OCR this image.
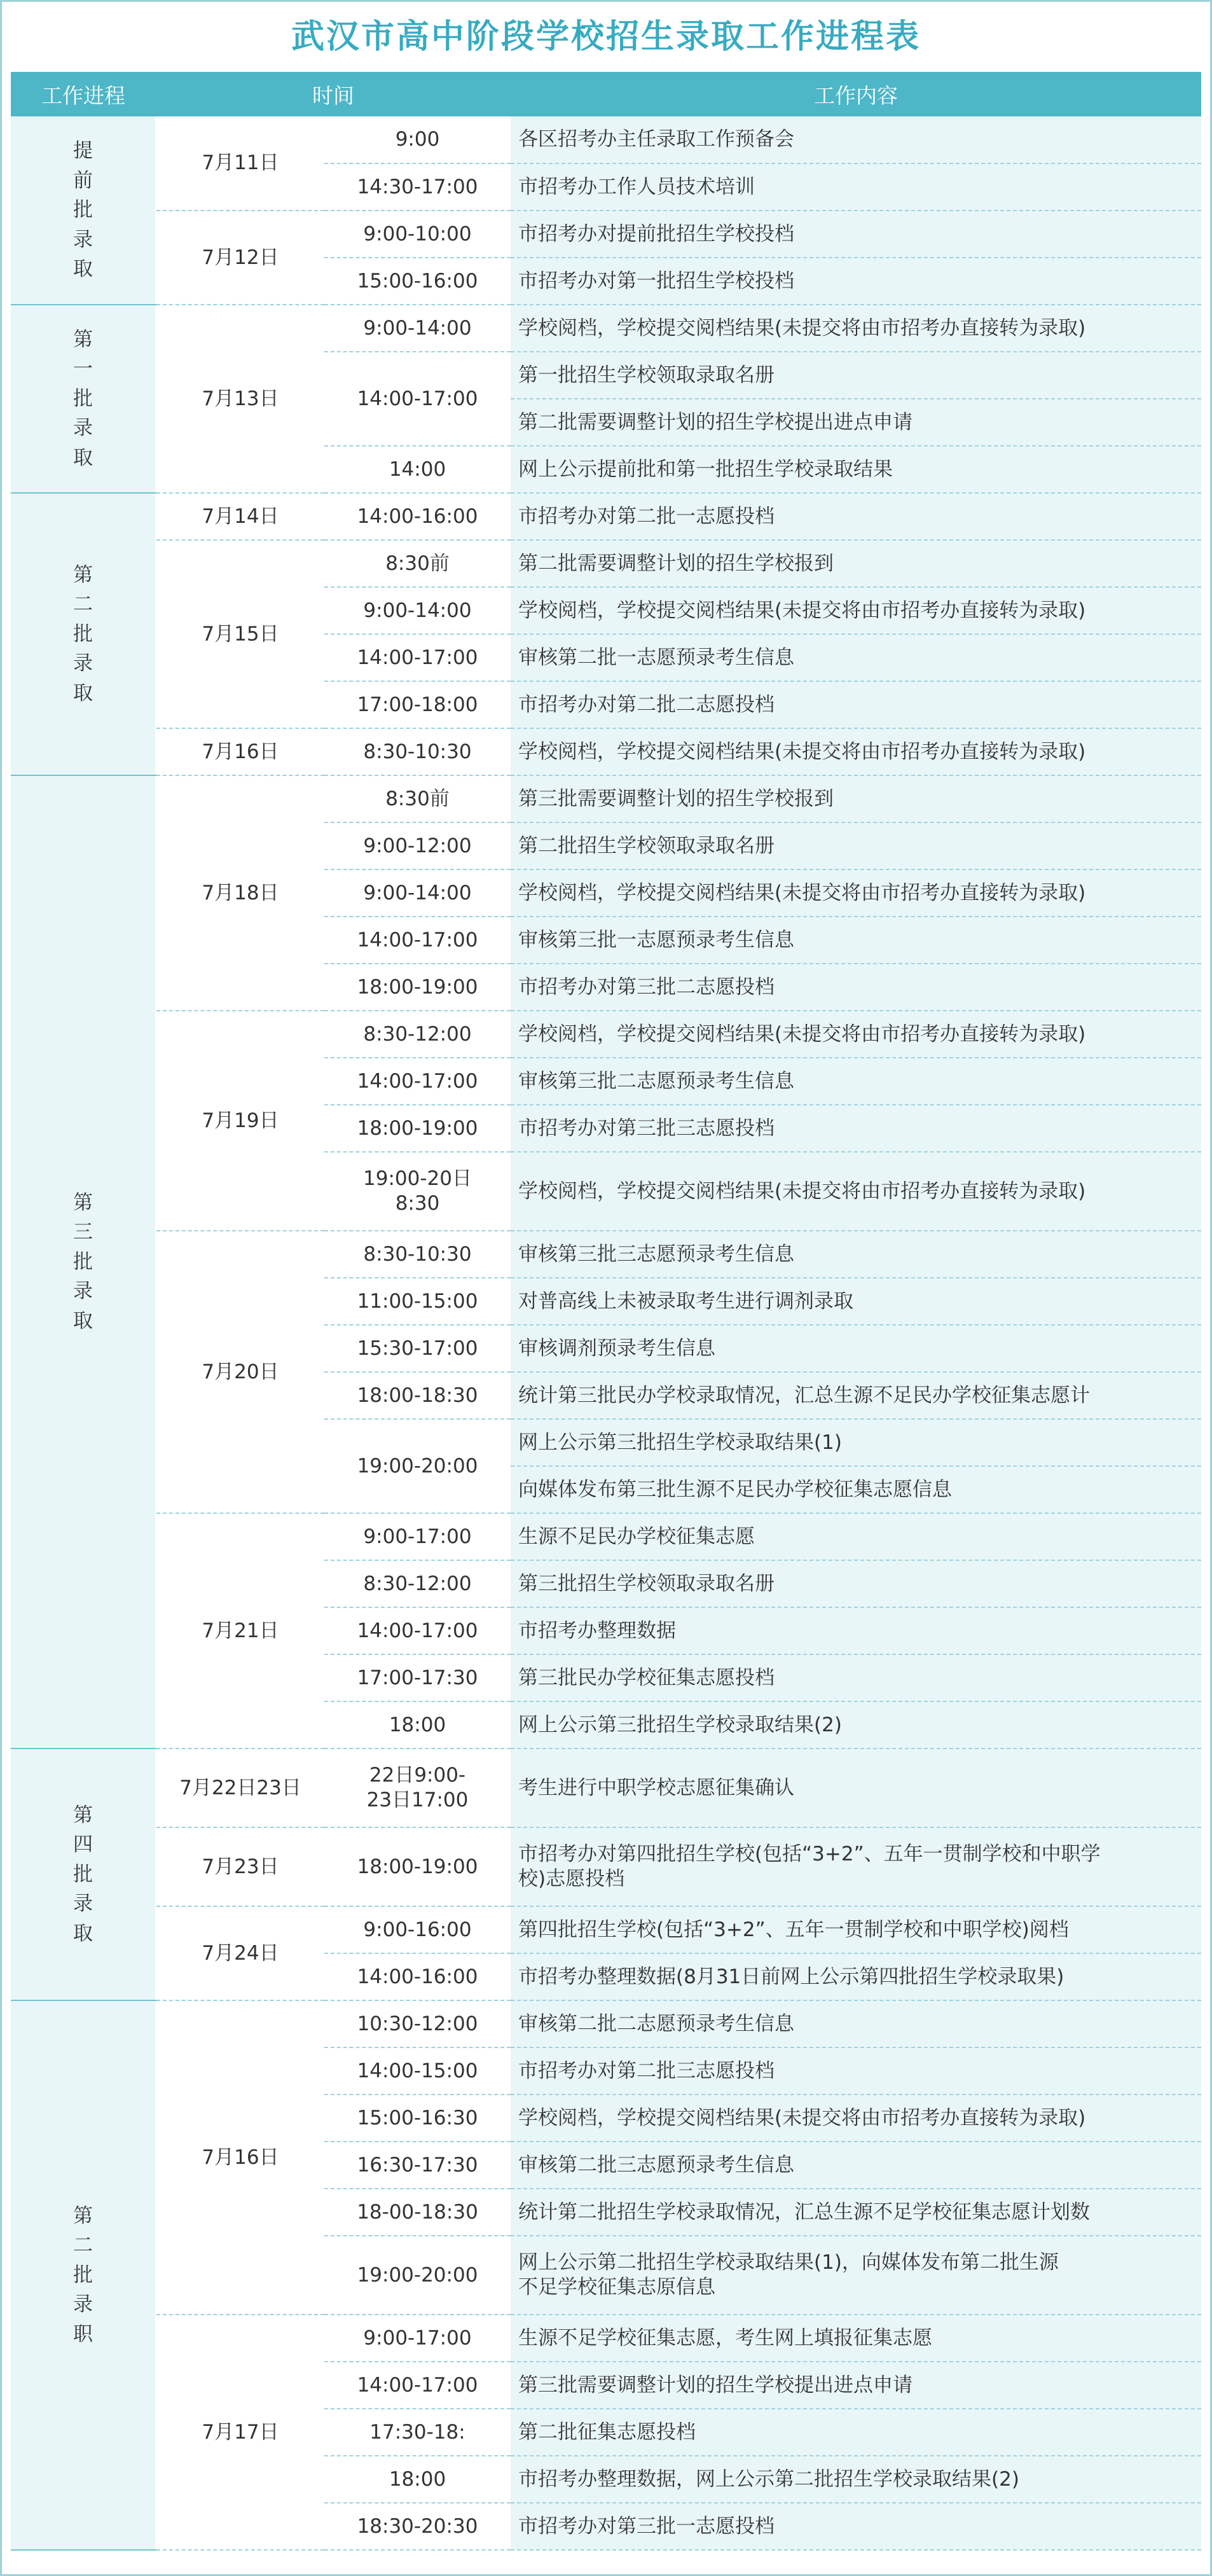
武汉市高中阶段学校招生录取工作进程表
工作进程	时间		工作内容

提前批录取	7月11日	9:00	各区招考办主任录取工作预备会
		14:30-17:00	市招考办工作人员技术培训
	7月12日	9:00-10:00	市招考办对提前批招生学校投档
		15:00-16:00	市招考办对第一批招生学校投档

第一批录取	7月13日	9:00-14:00	学校阅档，学校提交阅档结果(未提交将由市招考办直接转为录取)
		14:00-17:00	第一批招生学校领取录取名册
			第二批需要调整计划的招生学校提出进点申请
		14:00	网上公示提前批和第一批招生学校录取结果

第二批录取	7月14日	14:00-16:00	市招考办对第二批一志愿投档
	7月15日	8:30前	第二批需要调整计划的招生学校报到
		9:00-14:00	学校阅档，学校提交阅档结果(未提交将由市招考办直接转为录取)
		14:00-17:00	审核第二批一志愿预录考生信息
		17:00-18:00	市招考办对第二批二志愿投档
	7月16日	8:30-10:30	学校阅档，学校提交阅档结果(未提交将由市招考办直接转为录取)

第三批录取	7月18日	8:30前	第三批需要调整计划的招生学校报到
		9:00-12:00	第二批招生学校领取录取名册
		9:00-14:00	学校阅档，学校提交阅档结果(未提交将由市招考办直接转为录取)
		14:00-17:00	审核第三批一志愿预录考生信息
		18:00-19:00	市招考办对第三批二志愿投档
	7月19日	8:30-12:00	学校阅档，学校提交阅档结果(未提交将由市招考办直接转为录取)
		14:00-17:00	审核第三批二志愿预录考生信息
		18:00-19:00	市招考办对第三批三志愿投档
		19:00-20日8:30	学校阅档，学校提交阅档结果(未提交将由市招考办直接转为录取)
	7月20日	8:30-10:30	审核第三批三志愿预录考生信息
		11:00-15:00	对普高线上未被录取考生进行调剂录取
		15:30-17:00	审核调剂预录考生信息
		18:00-18:30	统计第三批民办学校录取情况，汇总生源不足民办学校征集志愿计
		19:00-20:00	网上公示第三批招生学校录取结果(1)
			向媒体发布第三批生源不足民办学校征集志愿信息
	7月21日	9:00-17:00	生源不足民办学校征集志愿
		8:30-12:00	第三批招生学校领取录取名册
		14:00-17:00	市招考办整理数据
		17:00-17:30	第三批民办学校征集志愿投档
		18:00	网上公示第三批招生学校录取结果(2)

第四批录取	7月22日23日	22日9:00-23日17:00	考生进行中职学校志愿征集确认
	7月23日	18:00-19:00	市招考办对第四批招生学校(包括“3+2”、五年一贯制学校和中职学校)志愿投档
	7月24日	9:00-16:00	第四批招生学校(包括“3+2”、五年一贯制学校和中职学校)阅档
		14:00-16:00	市招考办整理数据(8月31日前网上公示第四批招生学校录取果)

第二批录职	7月16日	10:30-12:00	审核第二批二志愿预录考生信息
		14:00-15:00	市招考办对第二批三志愿投档
		15:00-16:30	学校阅档，学校提交阅档结果(未提交将由市招考办直接转为录取)
		16:30-17:30	审核第二批三志愿预录考生信息
		18-00-18:30	统计第二批招生学校录取情况，汇总生源不足学校征集志愿计划数
		19:00-20:00	网上公示第二批招生学校录取结果(1)，向媒体发布第二批生源不足学校征集志原信息
	7月17日	9:00-17:00	生源不足学校征集志愿，考生网上填报征集志愿
		14:00-17:00	第三批需要调整计划的招生学校提出进点申请
		17:30-18:	第二批征集志愿投档
		18:00	市招考办整理数据，网上公示第二批招生学校录取结果(2)
		18:30-20:30	市招考办对第三批一志愿投档
